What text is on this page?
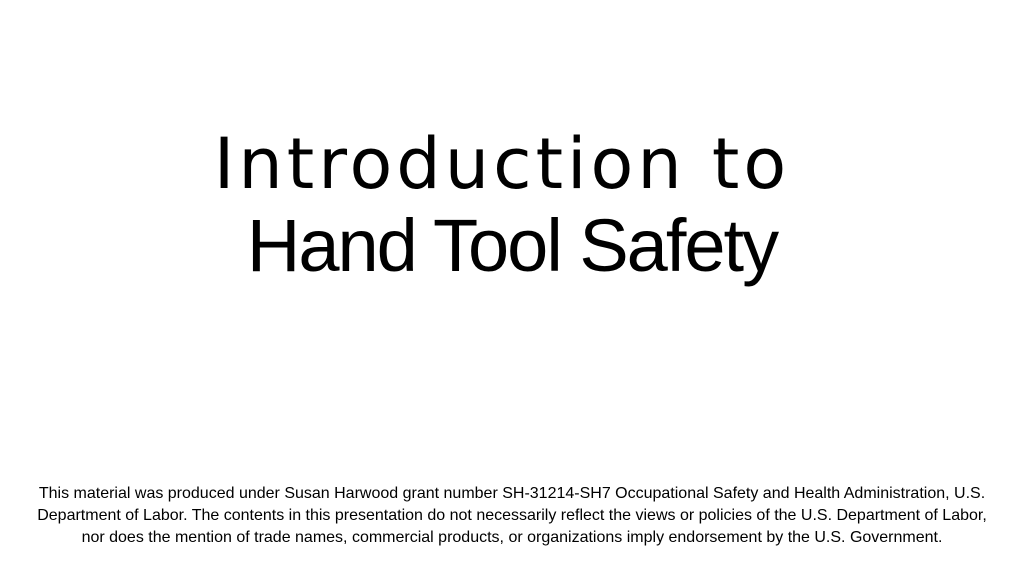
Introduction to
Hand Tool Safety
This material was produced under Susan Harwood grant number SH-31214-SH7 Occupational Safety and Health Administration, U.S. Department of Labor. The contents in this presentation do not necessarily reflect the views or policies of the U.S. Department of Labor, nor does the mention of trade names, commercial products, or organizations imply endorsement by the U.S. Government.
